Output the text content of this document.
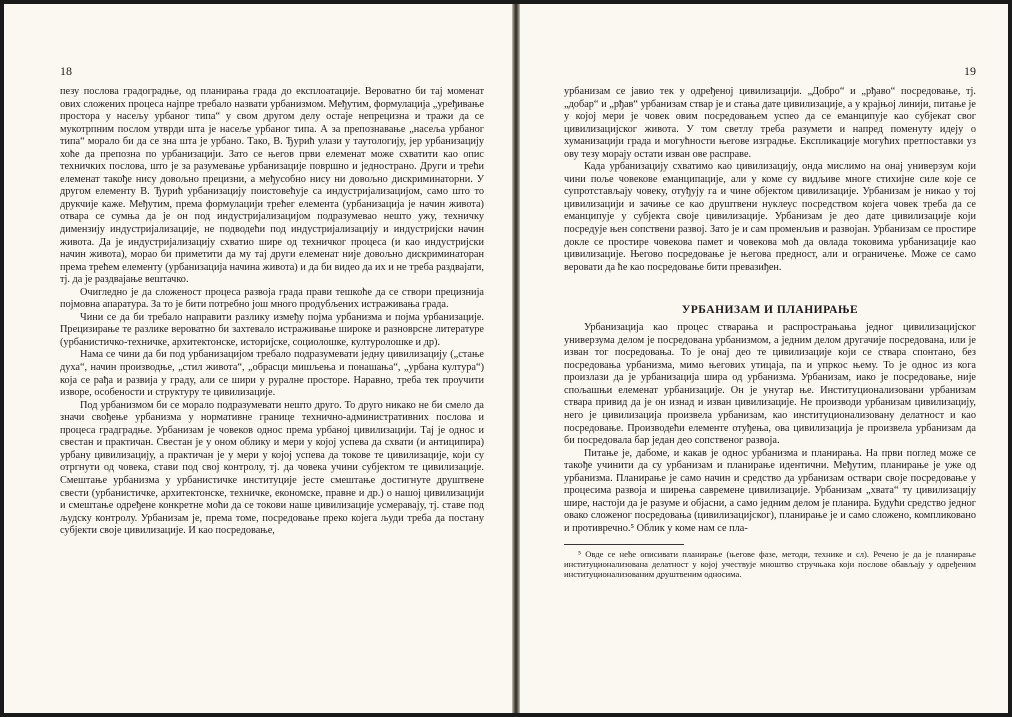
18

пезу послова градоградње, од планирања града до експлоатације. Вероватно би тај моменат ових сложених процеса најпре требало назвати урбанизмом. Међутим, формулација „уређивање простора у насељу урбаног типа“ у свом другом делу остаје непрецизна и тражи да се мукотрпним послом утврди шта је насеље урбаног типа. А за препознавање „насеља урбаног типа“ морало би да се зна шта је урбано. Тако, В. Ђурић улази у таутологију, јер урбанизацију хоће да препозна по урбанизацији. Зато се његов први елеменат може схватити као опис техничких послова, што је за разумевање урбанизације површно и једнострано. Други и трећи елеменат такође нису довољно прецизни, а међусобно нису ни довољно дискриминаторни. У другом елементу В. Ђурић урбанизацију поистовећује са индустријализацијом, само што то друкчије каже. Међутим, према формулацији трећег елемента (урбанизација је начин живота) отвара се сумња да је он под индустријализацијом подразумевао нешто ужу, техничку димензију индустријализације, не подводећи под индустријализацију и индустријски начин живота. Да је индустријализацију схватио шире од техничког процеса (и као индустријски начин живота), морао би приметити да му тај други елеменат није довољно дискриминаторан према трећем елементу (урбанизација начина живота) и да би видео да их и не треба раздвајати, тј. да је раздвајање вештачко.

Очигледно је да сложеност процеса развоја града прави тешкоће да се створи прецизнија појмовна апаратура. За то је бити потребно још много продубљених истраживања града.

Чини се да би требало направити разлику између појма урбанизма и појма урбанизације. Прецизирање те разлике вероватно би захтевало истраживање широке и разноврсне литературе (урбанистичко-техничке, архитектонске, историјске, социолошке, културолошке и др).

Нама се чини да би под урбанизацијом требало подразумевати једну цивилизацију („стање духа“, начин производње, „стил живота“, „обрасци мишљења и понашања“, „урбана култура“) која се рађа и развија у граду, али се шири у руралне просторе. Наравно, треба тек проучити изворе, особености и структуру те цивилизације.

Под урбанизмом би се морало подразумевати нешто друго. То друго никако не би смело да значи свођење урбанизма у нормативне границе технично-административних послова и процеса градградње. Урбанизам је човеков однос према урбаној цивилизацији. Тај је однос и свестан и практичан. Свестан је у оном облику и мери у којој успева да схвати (и антиципира) урбану цивилизацију, а практичан је у мери у којој успева да токове те цивилизације, који су отргнути од човека, стави под свој контролу, тј. да човека учини субјектом те цивилизације. Смештање урбанизма у урбанистичке институције јесте смештање достигнуте друштвене свести (урбанистичке, архитектонске, техничке, економске, правне и др.) о нашој цивилизацији и смештање одређене конкретне моћи да се токови наше цивилизације усмеравају, тј. ставе под људску контролу. Урбанизам је, према томе, посредовање преко којега људи треба да постану субјекти своје цивилизације. И као посредовање,

19

урбанизам се јавио тек у одређеној цивилизацији. „Добро“ и „рђаво“ посредовање, тј. „добар“ и „рђав“ урбанизам ствар је и стања дате цивилизације, а у крајњој линији, питање је у којој мери је човек овим посредовањем успео да се еманципује као субјекат свог цивилизацијског живота. У том светлу треба разумети и напред поменуту идеју о хуманизацији града и могућности његове изградње. Експликације могућих претпоставки уз ову тезу морају остати изван ове расправе.

Када урбанизацију схватимо као цивилизацију, онда мислимо на онај универзум који чини поље човекове еманципације, али у коме су видљиве многе стихијне силе које се супротстављају човеку, отуђују га и чине објектом цивилизације. Урбанизам је никао у тој цивилизацији и зачиње се као друштвени нуклеус посредством којега човек треба да се еманципује у субјекта своје цивилизације. Урбанизам је део дате цивилизације који посредује њен сопствени развој. Зато је и сам променљив и развојан. Урбанизам се простире докле се простире човекова памет и човекова моћ да овлада токовима урбанизације као цивилизације. Његово посредовање је његова предност, али и ограничење. Може се само веровати да ће као посредовање бити превазиђен.

УРБАНИЗАМ И ПЛАНИРАЊЕ

Урбанизација као процес стварања и распрострањања једног цивилизацијског универзума делом је посредована урбанизмом, а једним делом другачије посредована, или је изван тог посредовања. То је онај део те цивилизације који се ствара спонтано, без посредовања урбанизма, мимо његових утицаја, па и упркос њему. То је однос из кога произлази да је урбанизација шира од урбанизма. Урбанизам, иако је посредовање, није спољашњи елеменат урбанизације. Он је унутар ње. Институционализовани урбанизам ствара привид да је он изнад и изван цивилизације. Не производи урбанизам цивилизацију, него је цивилизација произвела урбанизам, као институционализовану делатност и као посредовање. Производећи елементе отуђења, ова цивилизација је произвела урбанизам да би посредовала бар један део сопственог развоја.

Питање је, дабоме, и какав је однос урбанизма и планирања. На први поглед може се такође учинити да су урбанизам и планирање идентични. Међутим, планирање је уже од урбанизма. Планирање је само начин и средство да урбанизам оствари своје посредовање у процесима развоја и ширења савремене цивилизације. Урбанизам „хвата“ ту цивилизацију шире, настоји да је разуме и објасни, а само једним делом је планира. Будући средство једног овако сложеног посредовања (цивилизацијског), планирање је и само сложено, компликовано и противречно.⁵ Облик у коме нам се пла-

⁵ Овде се неће описивати планирање (његове фазе, методи, технике и сл). Речено је да је планирање институционализована делатност у којој учествује мноштво стручњака који послове обављају у одређеним институционализованим друштвеним односима.
